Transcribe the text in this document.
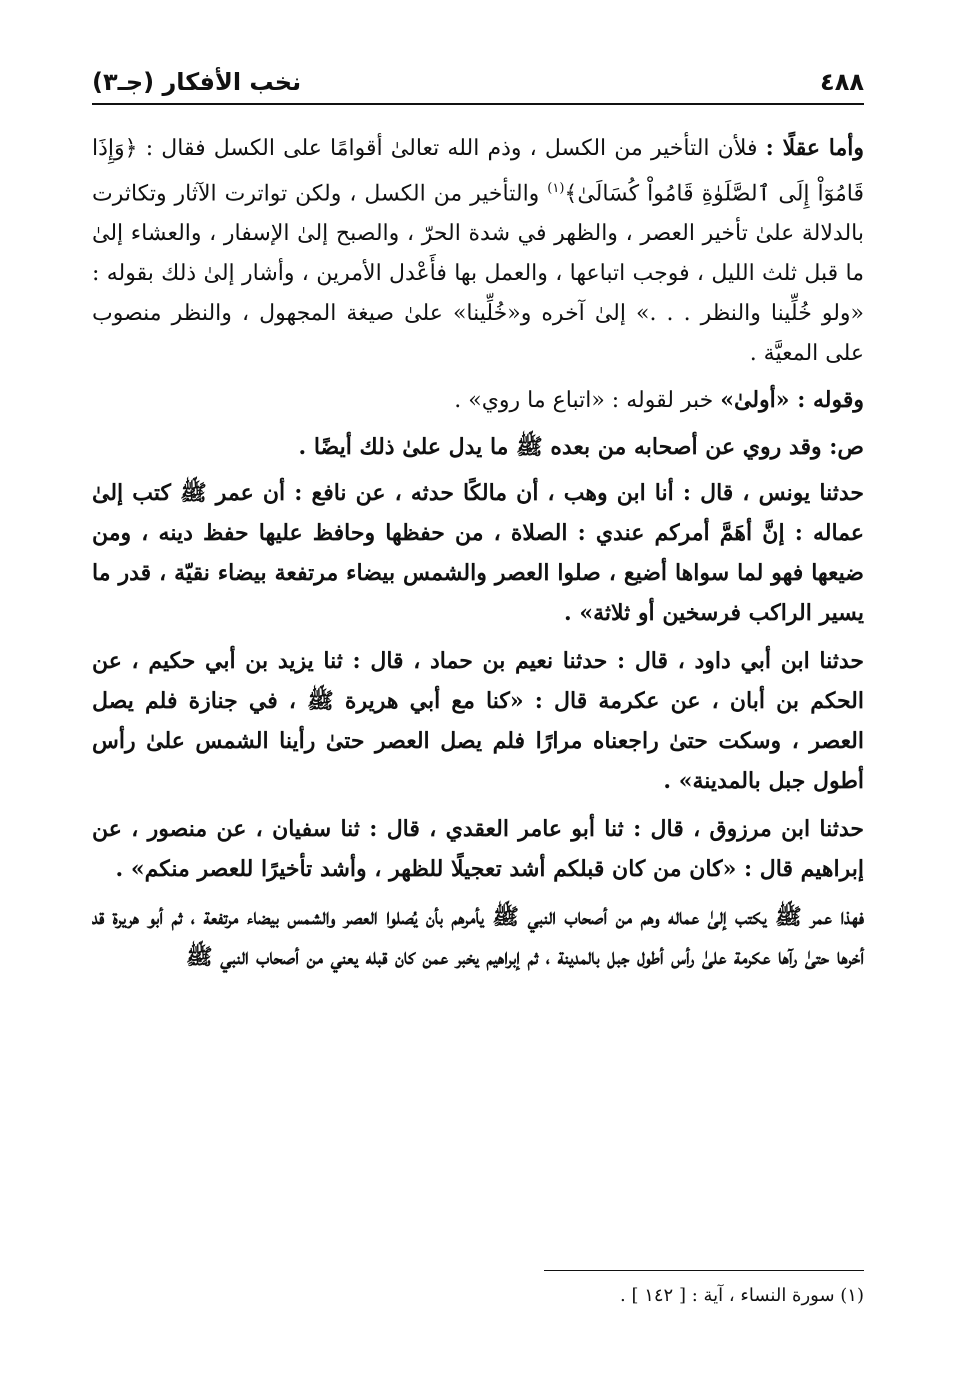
٤٨٨
نخب الأفكار (جـ٣)

وأما عقلًا : فلأن التأخير من الكسل ، وذم الله تعالىٰ أقوامًا على الكسل فقال : ﴿وَإِذَا قَامُوٓاْ إِلَى ٱلصَّلَوٰةِ قَامُواْ كُسَالَىٰ﴾$^{(١)}$ والتأخير من الكسل ، ولكن تواترت الآثار وتكاثرت بالدلالة علىٰ تأخير العصر ، والظهر في شدة الحرّ ، والصبح إلىٰ الإسفار ، والعشاء إلىٰ ما قبل ثلث الليل ، فوجب اتباعها ، والعمل بها فأَعْدل الأمرين ، وأشار إلىٰ ذلك بقوله : «ولو خُلِّينا والنظر . . .» إلىٰ آخره و«خُلِّينا» علىٰ صيغة المجهول ، والنظر منصوب على المعيَّة .

وقوله : «أولىٰ» خبر لقوله : «اتباع ما روي» .

ص: وقد روي عن أصحابه من بعده ﷺ ما يدل علىٰ ذلك أيضًا .

حدثنا يونس ، قال : أنا ابن وهب ، أن مالكًا حدثه ، عن نافع : أن عمر ﷺ كتب إلىٰ عماله : إنَّ أهَمَّ أمركم عندي : الصلاة ، من حفظها وحافظ عليها حفظ دينه ، ومن ضيعها فهو لما سواها أضيع ، صلوا العصر والشمس بيضاء مرتفعة بيضاء نقيّة ، قدر ما يسير الراكب فرسخين أو ثلاثة» .

حدثنا ابن أبي داود ، قال : حدثنا نعيم بن حماد ، قال : ثنا يزيد بن أبي حكيم ، عن الحكم بن أبان ، عن عكرمة قال : «كنا مع أبي هريرة ﷺ ، في جنازة فلم يصل العصر ، وسكت حتىٰ راجعناه مرارًا فلم يصل العصر حتىٰ رأينا الشمس علىٰ رأس أطول جبل بالمدينة» .

حدثنا ابن مرزوق ، قال : ثنا أبو عامر العقدي ، قال : ثنا سفيان ، عن منصور ، عن إبراهيم قال : «كان من كان قبلكم أشد تعجيلًا للظهر ، وأشد تأخيرًا للعصر منكم» .

فهذا عمر ﷺ يكتب إلىٰ عماله وهم من أصحاب النبي ﷺ يأمرهم بأن يُصلوا العصر والشمس بيضاء مرتفعة ، ثم أبو هريرة قد أخرها حتىٰ رآها عكرمة علىٰ رأس أطول جبل بالمدينة ، ثم إبراهيم يخبر عمن كان قبله يعني من أصحاب النبي ﷺ

(١) سورة النساء ، آية : [ ١٤٢ ] .
